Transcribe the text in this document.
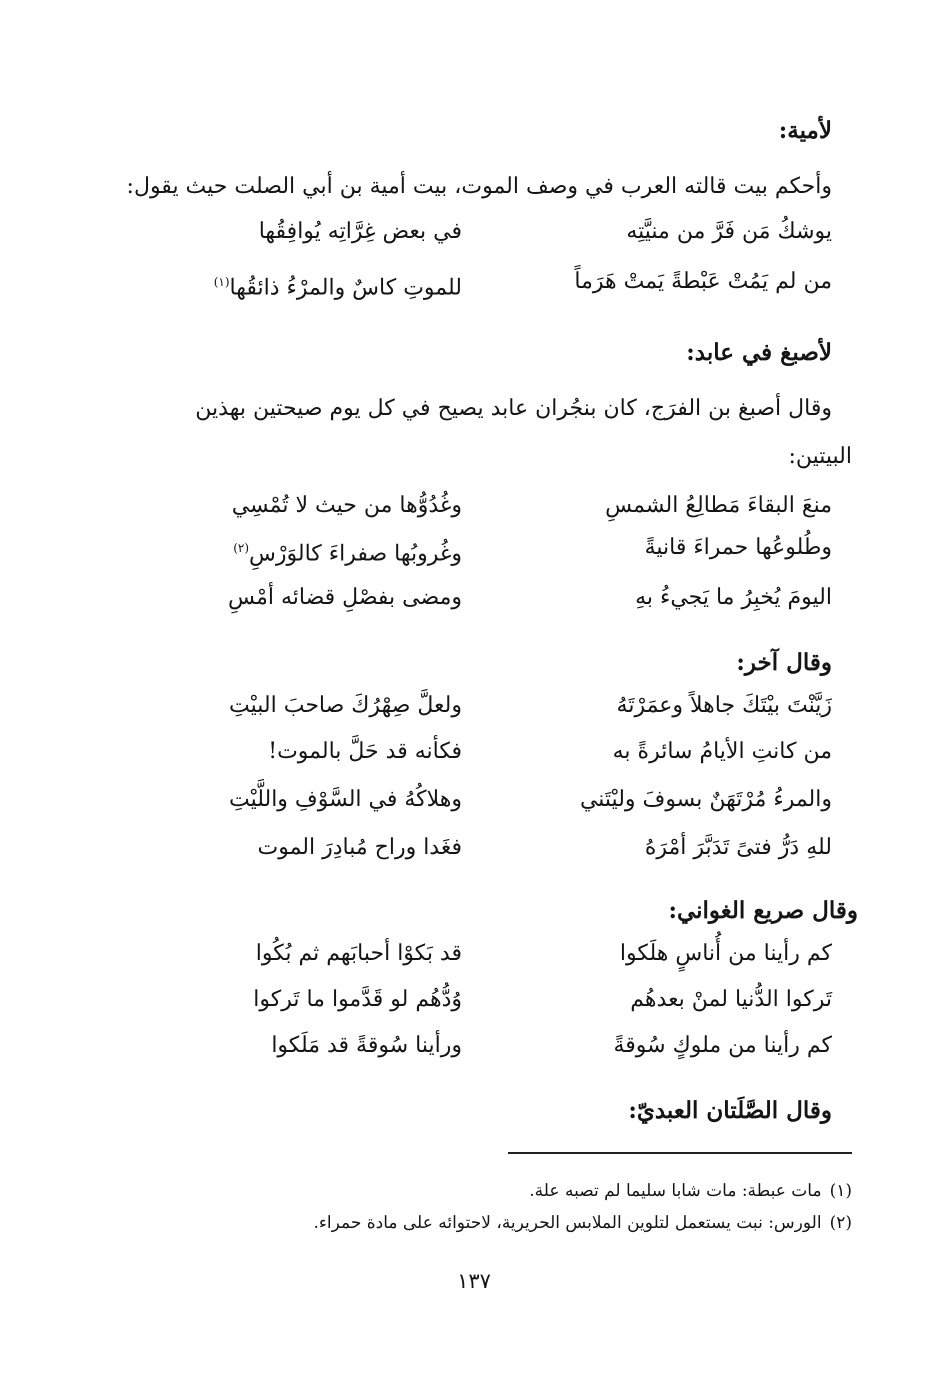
لأمية:
وأحكم بيت قالته العرب في وصف الموت، بيت أمية بن أبي الصلت حيث يقول:
يوشكُ مَن فَرَّ من منيَّتِه
في بعض غِرَّاتِه يُوافِقُها
من لم يَمُتْ عَبْطةً يَمتْ هَرَماً
للموتِ كاسٌ والمرْءُ ذائقُها$^{(١)}$
لأصبغ في عابد:
وقال أصبغ بن الفرَج، كان بنجُران عابد يصيح في كل يوم صيحتين بهذين
البيتين:
منعَ البقاءَ مَطالِعُ الشمسِ
وغُدُوُّها من حيث لا تُمْسِي
وطُلوعُها حمراءَ قانيةً
وغُروبُها صفراءَ كالوَرْسِ$^{(٢)}$
اليومَ يُخبِرُ ما يَجيءُ بهِ
ومضى بفصْلِ قضائه أمْسِ
وقال آخر:
زَيَّنْتَ بيْتَكَ جاهلاً وعمَرْتَهُ
ولعلَّ صِهْرُكَ صاحبَ البيْتِ
من كانتِ الأيامُ سائرةً به
فكأنه قد حَلَّ بالموت!
والمرءُ مُرْتَهَنٌ بسوفَ وليْتَني
وهلاكُهُ في السَّوْفِ واللَّيْتِ
للهِ دَرُّ فتىً تَدَبَّرَ أمْرَهُ
فغَدا وراح مُبادِرَ الموت
وقال صريع الغواني:
كم رأينا من أُناسٍ هلَكوا
قد بَكوْا أحبابَهم ثم بُكُوا
تَركوا الدُّنيا لمنْ بعدهُم
وُدُّهُم لو قَدَّموا ما تَركوا
كم رأينا من ملوكٍ سُوقةً
ورأينا سُوقةً قد مَلَكوا
وقال الصَّلَتان العبديّ:
(١)مات عبطة: مات شابا سليما لم تصبه علة.
(٢)الورس: نبت يستعمل لتلوين الملابس الحريرية، لاحتوائه على مادة حمراء.
١٣٧
